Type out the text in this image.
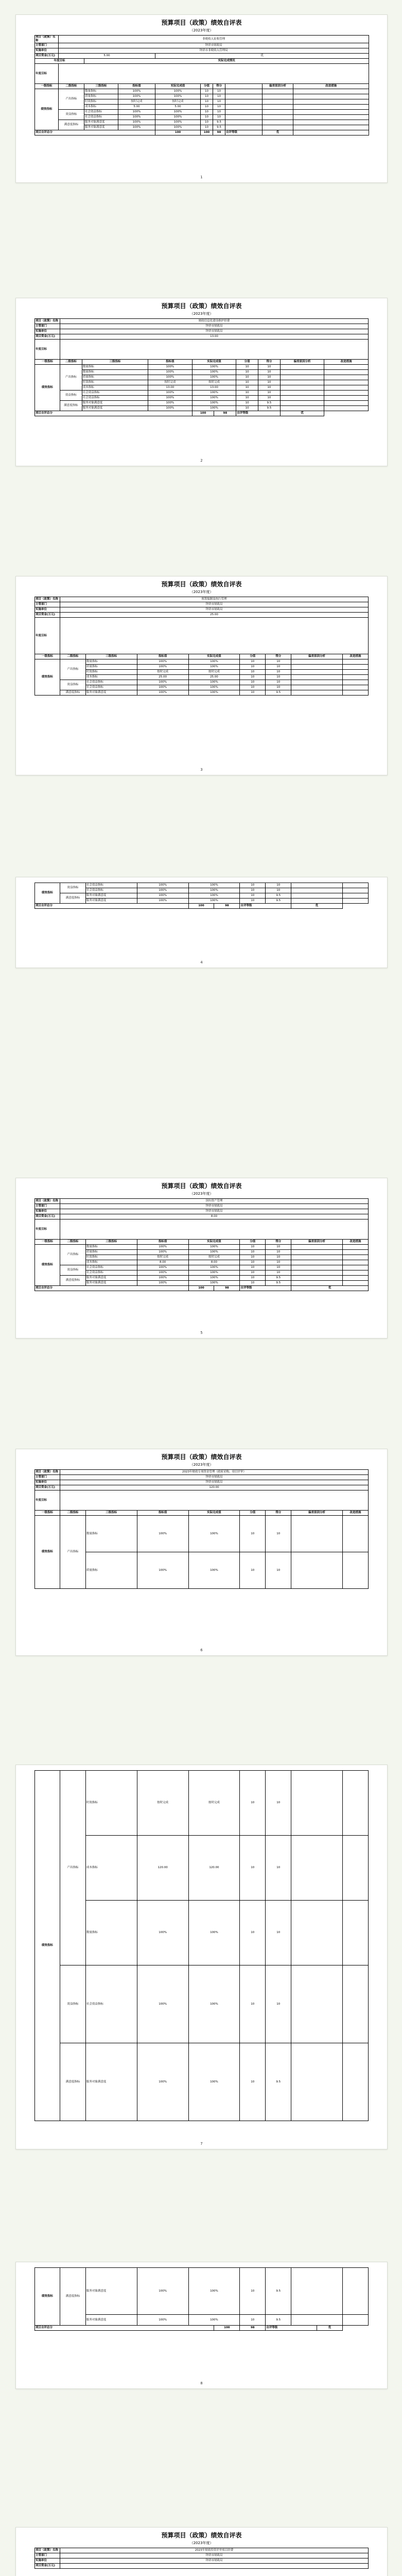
预算项目（政策）绩效自评表
（2023年度）
项目（政策）名称	非税收入征收管理								
主管部门	钟祥市财政局								
实施单位	钟祥市非税收入管理局								
项目资金(万元)	5.00			优					
年度目标		实际完成情况							
年度目标									
一级指标	二级指标	三级指标	指标值	实际完成值	分值	得分		偏差原因分析	改进措施
绩效指标	产出指标	数量指标	100%	100%	10	10			
		质量指标	100%	100%	10	10			
		时效指标	按时完成	按时完成	10	10			
		成本指标	5.00	5.00	10	10			
	效益指标	社会效益指标	100%	100%	10	10			
		社会效益指标	100%	100%	10	10			
	满意度指标	服务对象满意度	100%	100%	10	9.5			
		服务对象满意度	100%	100%	10	9.5			
项目自评总分				100	100	98	自评等级	优	
1
预算项目（政策）绩效自评表
（2023年度）
项目（政策）名称	财政信息化建设维护经费								
主管部门	钟祥市财政局								
实施单位	钟祥市财政局								
项目资金(万元)	13.00								
年度目标									
一级指标	二级指标	三级指标	指标值	实际完成值		分值	得分	偏差原因分析	改进措施
绩效指标	产出指标	数量指标	100%	100%		10	10		
		数量指标	100%	100%		10	10		
		质量指标	100%	100%		10	10		
		时效指标	按时完成	按时完成		10	10		
		成本指标	13.00	13.00		10	10		
	效益指标	社会效益指标	100%	100%		10	10		
		社会效益指标	100%	100%		10	10		
	满意度指标	服务对象满意度	100%	100%		10	9.5		
		服务对象满意度	100%	100%		10	9.5		
项目自评总分				100	98	自评等级		优	
2
预算项目（政策）绩效自评表
（2023年度）
项目（政策）名称	预算编制及执行管理							
主管部门	钟祥市财政局							
实施单位	钟祥市财政局							
项目资金(万元)	25.00							
年度目标								
一级指标	二级指标	三级指标	指标值	实际完成值	分值	得分	偏差原因分析	改进措施
绩效指标	产出指标	数量指标	100%	100%	10	10		
		质量指标	100%	100%	10	10		
		时效指标	按时完成	按时完成	10	10		
		成本指标	25.00	25.00	10	10		
	效益指标	社会效益指标	100%	100%	10	10		
		社会效益指标	100%	100%	10	10		
	满意度指标	服务对象满意度	100%	100%	10	9.5		
3
绩效指标	效益指标	社会效益指标	100%	100%		10	10		
		社会效益指标	100%	100%		10	10		
	满意度指标	服务对象满意度	100%	100%		10	9.5		
		服务对象满意度	100%	100%		10	9.5		
项目自评总分				100	98	自评等级		优	
4
预算项目（政策）绩效自评表
（2023年度）
项目（政策）名称	国有资产管理								
主管部门	钟祥市财政局								
实施单位	钟祥市财政局								
项目资金(万元)	8.00								
年度目标									
一级指标	二级指标	三级指标	指标值	实际完成值		分值	得分	偏差原因分析	改进措施
绩效指标	产出指标	数量指标	100%	100%		10	10		
		质量指标	100%	100%		10	10		
		时效指标	按时完成	按时完成		10	10		
		成本指标	8.00	8.00		10	10		
	效益指标	社会效益指标	100%	100%		10	10		
		社会效益指标	100%	100%		10	10		
	满意度指标	服务对象满意度	100%	100%		10	9.5		
		服务对象满意度	100%	100%		10	9.5		
项目自评总分				100	98	自评等级		优	
5
预算项目（政策）绩效自评表
（2023年度）
项目（政策）名称	2023年财政专项资金管理（政府采购、项目评审）							
主管部门	钟祥市财政局							
实施单位	钟祥市财政局							
项目资金(万元)	120.00							
年度目标								
一级指标	二级指标	三级指标	指标值	实际完成值	分值	得分	偏差原因分析	改进措施
绩效指标	产出指标	数量指标	100%	100%	10	10		
		质量指标	100%	100%	10	10		
6
绩效指标	产出指标	时效指标	按时完成	按时完成	10	10		
		成本指标	120.00	120.00	10	10		
		数量指标	100%	100%	10	10		
	效益指标	社会效益指标	100%	100%	10	10		
	满意度指标	服务对象满意度	100%	100%	10	9.5		
7
绩效指标	满意度指标	服务对象满意度	100%	100%		10	9.5			
		服务对象满意度	100%	100%		10	9.5			
项目自评总分					100	98	自评等级		优	
8
预算项目（政策）绩效自评表
（2023年度）
项目（政策）名称	2023年财政投资评审项目经费
主管部门	钟祥市财政局
实施单位	钟祥市财政局
项目资金(万元)	
